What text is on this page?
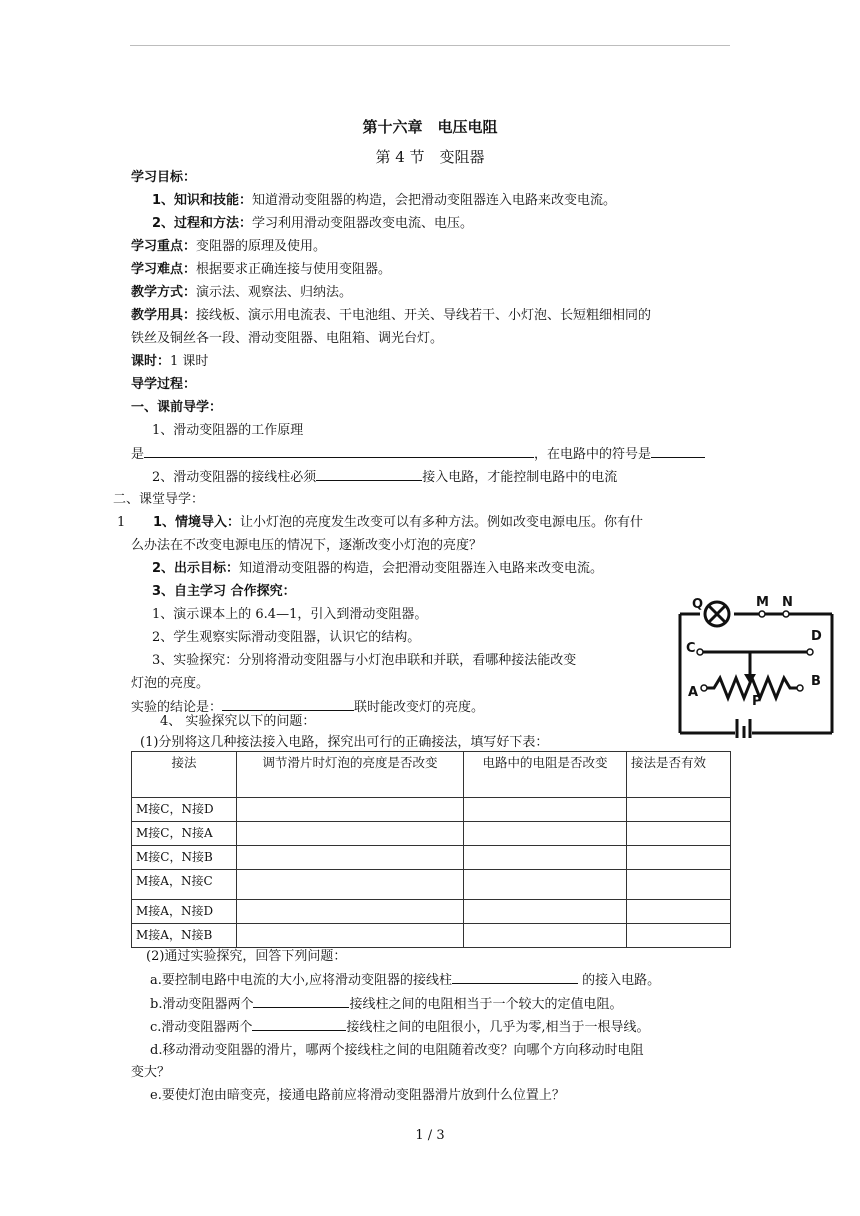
第十六章　电压电阻
第 4 节　变阻器
学习目标：
1、知识和技能：知道滑动变阻器的构造，会把滑动变阻器连入电路来改变电流。
2、过程和方法：学习利用滑动变阻器改变电流、电压。
学习重点：变阻器的原理及使用。
学习难点：根据要求正确连接与使用变阻器。
教学方式：演示法、观察法、归纳法。
教学用具：接线板、演示用电流表、干电池组、开关、导线若干、小灯泡、长短粗细相同的
铁丝及铜丝各一段、滑动变阻器、电阻箱、调光台灯。
课时：1 课时
导学过程：
一、课前导学：
1、滑动变阻器的工作原理
是	，在电路中的符号是
2、滑动变阻器的接线柱必须	接入电路，才能控制电路中的电流
二、课堂导学：
1 1、情境导入：让小灯泡的亮度发生改变可以有多种方法。例如改变电源电压。你有什
么办法在不改变电源电压的情况下，逐渐改变小灯泡的亮度？
2、出示目标：知道滑动变阻器的构造，会把滑动变阻器连入电路来改变电流。
3、自主学习 合作探究：
1、演示课本上的 6.4—1，引入到滑动变阻器。
2、学生观察实际滑动变阻器，认识它的结构。
3、实验探究：分别将滑动变阻器与小灯泡串联和并联，看哪种接法能改变
灯泡的亮度。
实验的结论是：	联时能改变灯的亮度。
4、 实验探究以下的问题：
(1)分别将这几种接法接入电路，探究出可行的正确接法，填写好下表：
Q	M N
C
D
A
B
P
接法	调节滑片时灯泡的亮度是否改变	电路中的电阻是否改变	接法是否有效
M接C，N接D			
M接C，N接A			
M接C，N接B			
M接A，N接C			
M接A，N接D			
M接A，N接B			
(2)通过实验探究，回答下列问题：
a.要控制电路中电流的大小,应将滑动变阻器的接线柱	的接入电路。
b.滑动变阻器两个	接线柱之间的电阻相当于一个较大的定值电阻。
c.滑动变阻器两个	接线柱之间的电阻很小，几乎为零,相当于一根导线。
d.移动滑动变阻器的滑片，哪两个接线柱之间的电阻随着改变？向哪个方向移动时电阻
变大？
e.要使灯泡由暗变亮，接通电路前应将滑动变阻器滑片放到什么位置上？
1 / 3
